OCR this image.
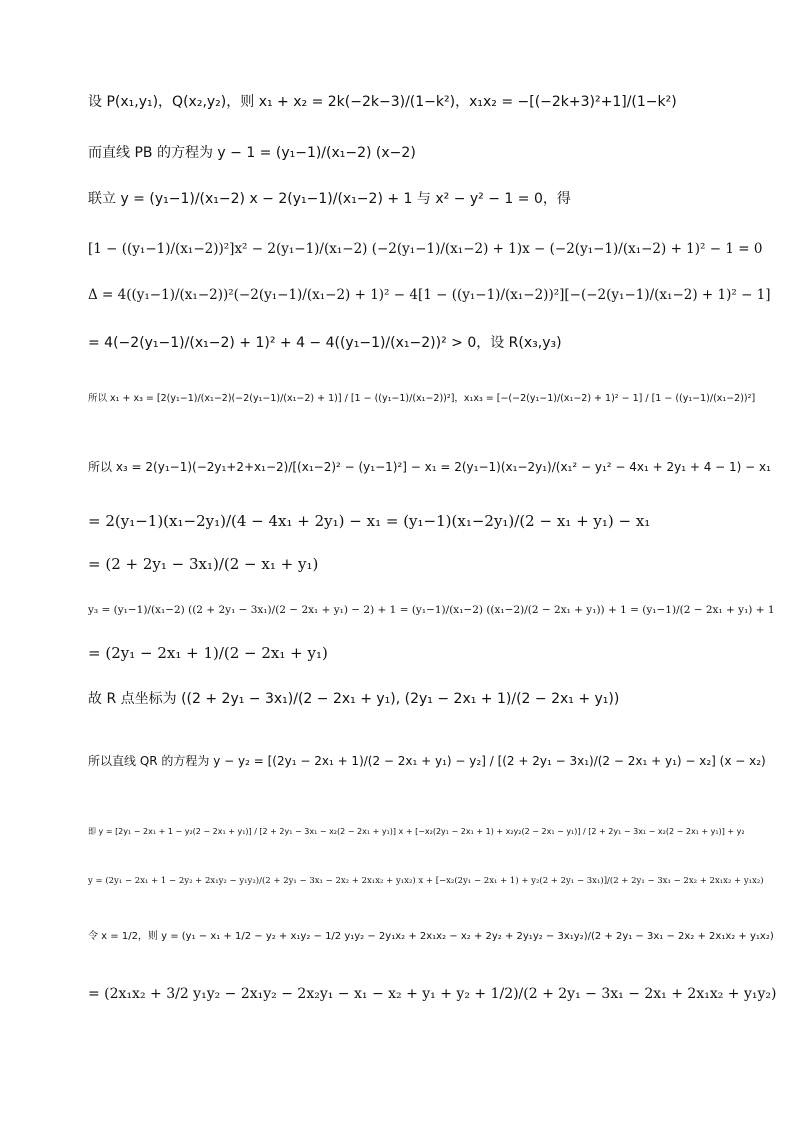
设 P(x₁,y₁)，Q(x₂,y₂)，则 x₁ + x₂ = 2k(−2k−3)/(1−k²)，x₁x₂ = −[(−2k+3)²+1]/(1−k²)
而直线 PB 的方程为 y − 1 = (y₁−1)/(x₁−2) (x−2)
联立 y = (y₁−1)/(x₁−2) x − 2(y₁−1)/(x₁−2) + 1 与 x² − y² − 1 = 0，得
[1 − ((y₁−1)/(x₁−2))²]x² − 2(y₁−1)/(x₁−2) (−2(y₁−1)/(x₁−2) + 1)x − (−2(y₁−1)/(x₁−2) + 1)² − 1 = 0
Δ = 4((y₁−1)/(x₁−2))²(−2(y₁−1)/(x₁−2) + 1)² − 4[1 − ((y₁−1)/(x₁−2))²][−(−2(y₁−1)/(x₁−2) + 1)² − 1]
= 4(−2(y₁−1)/(x₁−2) + 1)² + 4 − 4((y₁−1)/(x₁−2))² > 0，设 R(x₃,y₃)
所以 x₁ + x₃ = [2(y₁−1)/(x₁−2)(−2(y₁−1)/(x₁−2) + 1)] / [1 − ((y₁−1)/(x₁−2))²]，x₁x₃ = [−(−2(y₁−1)/(x₁−2) + 1)² − 1] / [1 − ((y₁−1)/(x₁−2))²]
所以 x₃ = 2(y₁−1)(−2y₁+2+x₁−2)/[(x₁−2)² − (y₁−1)²] − x₁ = 2(y₁−1)(x₁−2y₁)/(x₁² − y₁² − 4x₁ + 2y₁ + 4 − 1) − x₁
= 2(y₁−1)(x₁−2y₁)/(4 − 4x₁ + 2y₁) − x₁ = (y₁−1)(x₁−2y₁)/(2 − x₁ + y₁) − x₁
= (2 + 2y₁ − 3x₁)/(2 − x₁ + y₁)
y₃ = (y₁−1)/(x₁−2) ((2 + 2y₁ − 3x₁)/(2 − 2x₁ + y₁) − 2) + 1 = (y₁−1)/(x₁−2) ((x₁−2)/(2 − 2x₁ + y₁)) + 1 = (y₁−1)/(2 − 2x₁ + y₁) + 1
= (2y₁ − 2x₁ + 1)/(2 − 2x₁ + y₁)
故 R 点坐标为 ((2 + 2y₁ − 3x₁)/(2 − 2x₁ + y₁), (2y₁ − 2x₁ + 1)/(2 − 2x₁ + y₁))
所以直线 QR 的方程为 y − y₂ = [(2y₁ − 2x₁ + 1)/(2 − 2x₁ + y₁) − y₂] / [(2 + 2y₁ − 3x₁)/(2 − 2x₁ + y₁) − x₂] (x − x₂)
即 y = [2y₁ − 2x₁ + 1 − y₂(2 − 2x₁ + y₁)] / [2 + 2y₁ − 3x₁ − x₂(2 − 2x₁ + y₁)] x + [−x₂(2y₁ − 2x₁ + 1) + x₂y₂(2 − 2x₁ − y₁)] / [2 + 2y₁ − 3x₁ − x₂(2 − 2x₁ + y₁)] + y₂
y = (2y₁ − 2x₁ + 1 − 2y₂ + 2x₁y₂ − y₁y₂)/(2 + 2y₁ − 3x₁ − 2x₂ + 2x₁x₂ + y₁x₂) x + [−x₂(2y₁ − 2x₁ + 1) + y₂(2 + 2y₁ − 3x₁)]/(2 + 2y₁ − 3x₁ − 2x₂ + 2x₁x₂ + y₁x₂)
令 x = 1/2，则 y = (y₁ − x₁ + 1/2 − y₂ + x₁y₂ − 1/2 y₁y₂ − 2y₁x₂ + 2x₁x₂ − x₂ + 2y₂ + 2y₁y₂ − 3x₁y₂)/(2 + 2y₁ − 3x₁ − 2x₂ + 2x₁x₂ + y₁x₂)
= (2x₁x₂ + 3/2 y₁y₂ − 2x₁y₂ − 2x₂y₁ − x₁ − x₂ + y₁ + y₂ + 1/2)/(2 + 2y₁ − 3x₁ − 2x₁ + 2x₁x₂ + y₁y₂)
